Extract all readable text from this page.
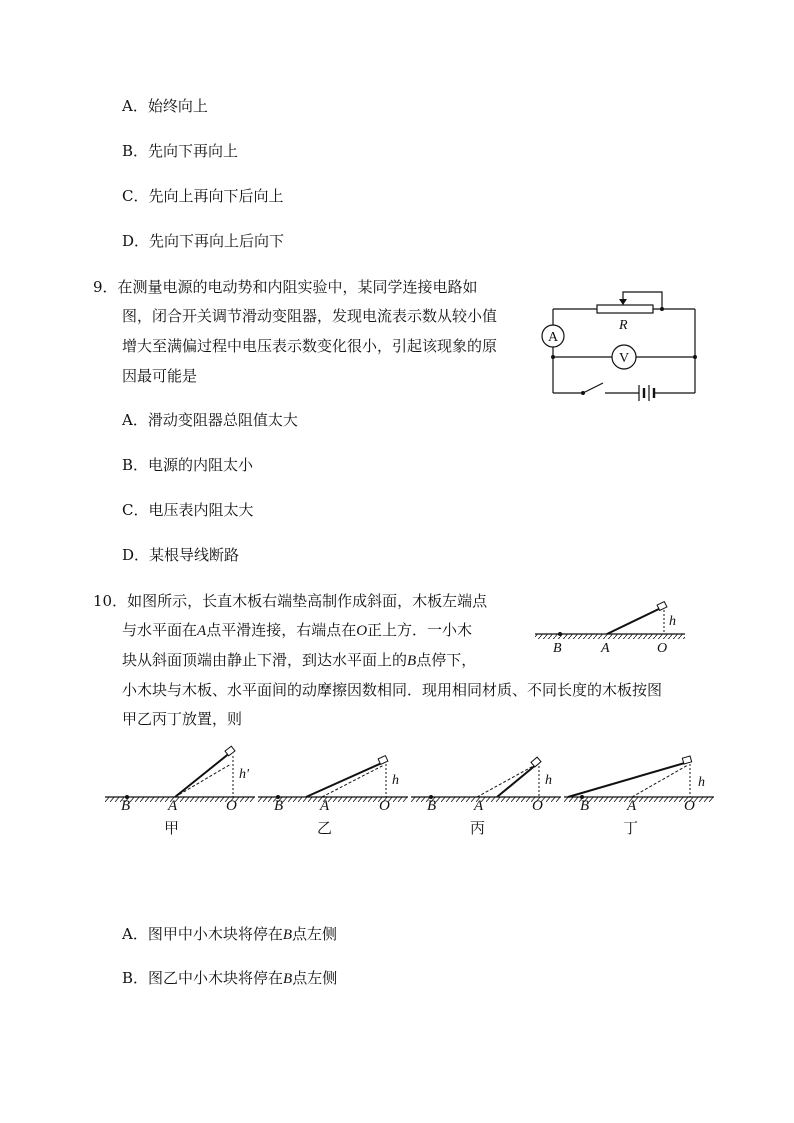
A．始终向上
B．先向下再向上
C．先向上再向下后向上
D．先向下再向上后向下
9．在测量电源的电动势和内阻实验中，某同学连接电路如
图，闭合开关调节滑动变阻器，发现电流表示数从较小值
增大至满偏过程中电压表示数变化很小，引起该现象的原
因最可能是
R
A
V
A．滑动变阻器总阻值太大
B．电源的内阻太小
C．电压表内阻太大
D．某根导线断路
10．如图所示，长直木板右端垫高制作成斜面，木板左端点
与水平面在A点平滑连接，右端点在O正上方．一小木
块从斜面顶端由静止下滑，到达水平面上的B点停下，
小木块与木板、水平面间的动摩擦因数相同．现用相同材质、不同长度的木板按图
甲乙丙丁放置，则
B	A	O
h
h'	h	h	h
B	A	O B A	O B	A	O B	A	O
甲	乙	丙	丁
A．图甲中小木块将停在B点左侧
B．图乙中小木块将停在B点左侧
